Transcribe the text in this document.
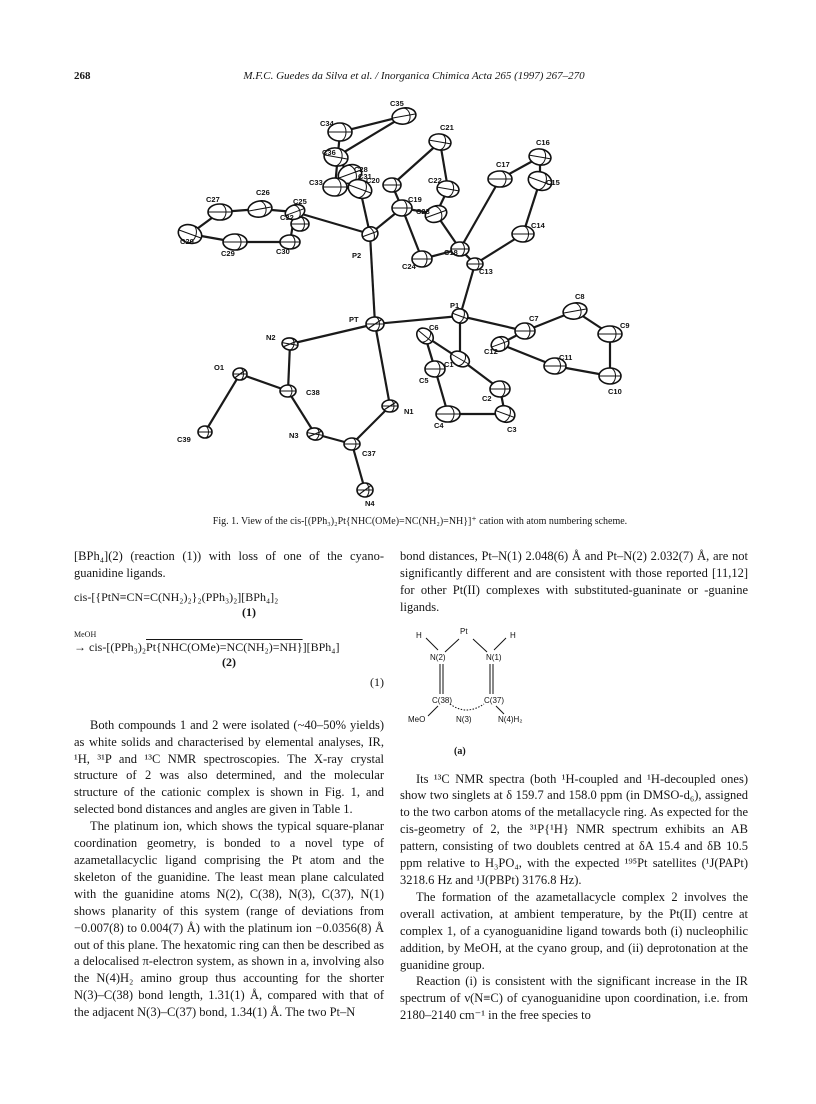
268	M.F.C. Guedes da Silva et al. / Inorganica Chimica Acta 265 (1997) 267–270
PT
P1
P2
N2
N1
N3
N4
O1
C38
C37
C39
C1
C2
C3
C4
C5
C6
C12
C7
C8
C9
C10
C11
C13
C14
C15
C16
C17
C18
C23
C22
C24
C19
C20
C21
C28
C36
C35
C34
C31
C33
C32
C25
C30
C26
C27
C29
C20
Fig. 1. View of the cis-[(PPh₃)₂Pt{NHC(OMe)=NC(NH₂)=NH}]⁺ cation with atom numbering scheme.

[BPh₄](2) (reaction (1)) with loss of one of the cyano-guanidine ligands.

cis-[{PtN≡CN=C(NH₂)₂}₂(PPh₃)₂][BPh₄]₂
(1)
MeOH
→ cis-[(PPh₃)₂Pt{NHC(OMe)=NC(NH₂)=NH}][BPh₄]
(2)
(1)

Both compounds 1 and 2 were isolated (~40–50% yields) as white solids and characterised by elemental analyses, IR, ¹H, ³¹P and ¹³C NMR spectroscopies. The X-ray crystal structure of 2 was also determined, and the molecular structure of the cationic complex is shown in Fig. 1, and selected bond distances and angles are given in Table 1.

The platinum ion, which shows the typical square-planar coordination geometry, is bonded to a novel type of azametallacyclic ligand comprising the Pt atom and the skeleton of the guanidine. The least mean plane calculated with the guanidine atoms N(2), C(38), N(3), C(37), N(1) shows planarity of this system (range of deviations from −0.007(8) to 0.004(7) Å) with the platinum ion −0.0356(8) Å out of this plane. The hexatomic ring can then be described as a delocalised π-electron system, as shown in a, involving also the N(4)H₂ amino group thus accounting for the shorter N(3)–C(38) bond length, 1.31(1) Å, compared with that of the adjacent N(3)–C(37) bond, 1.34(1) Å. The two Pt–N

bond distances, Pt–N(1) 2.048(6) Å and Pt–N(2) 2.032(7) Å, are not significantly different and are consistent with those reported [11,12] for other Pt(II) complexes with substituted-guaninate or -guanine ligands.

Pt
H	H
N(2)	N(1)
C(38)	C(37)
MeO	N(3)	N(4)H₂
(a)

Its ¹³C NMR spectra (both ¹H-coupled and ¹H-decoupled ones) show two singlets at δ 159.7 and 158.0 ppm (in DMSO-d₆), assigned to the two carbon atoms of the metallacycle ring. As expected for the cis-geometry of 2, the ³¹P{¹H} NMR spectrum exhibits an AB pattern, consisting of two doublets centred at δA 15.4 and δB 10.5 ppm relative to H₃PO₄, with the expected ¹⁹⁵Pt satellites (¹J(PAPt) 3218.6 Hz and ¹J(PBPt) 3176.8 Hz).

The formation of the azametallacycle complex 2 involves the overall activation, at ambient temperature, by the Pt(II) centre at complex 1, of a cyanoguanidine ligand towards both (i) nucleophilic addition, by MeOH, at the cyano group, and (ii) deprotonation at the guanidine group.

Reaction (i) is consistent with the significant increase in the IR spectrum of ν(N≡C) of cyanoguanidine upon coordination, i.e. from 2180–2140 cm⁻¹ in the free species to
